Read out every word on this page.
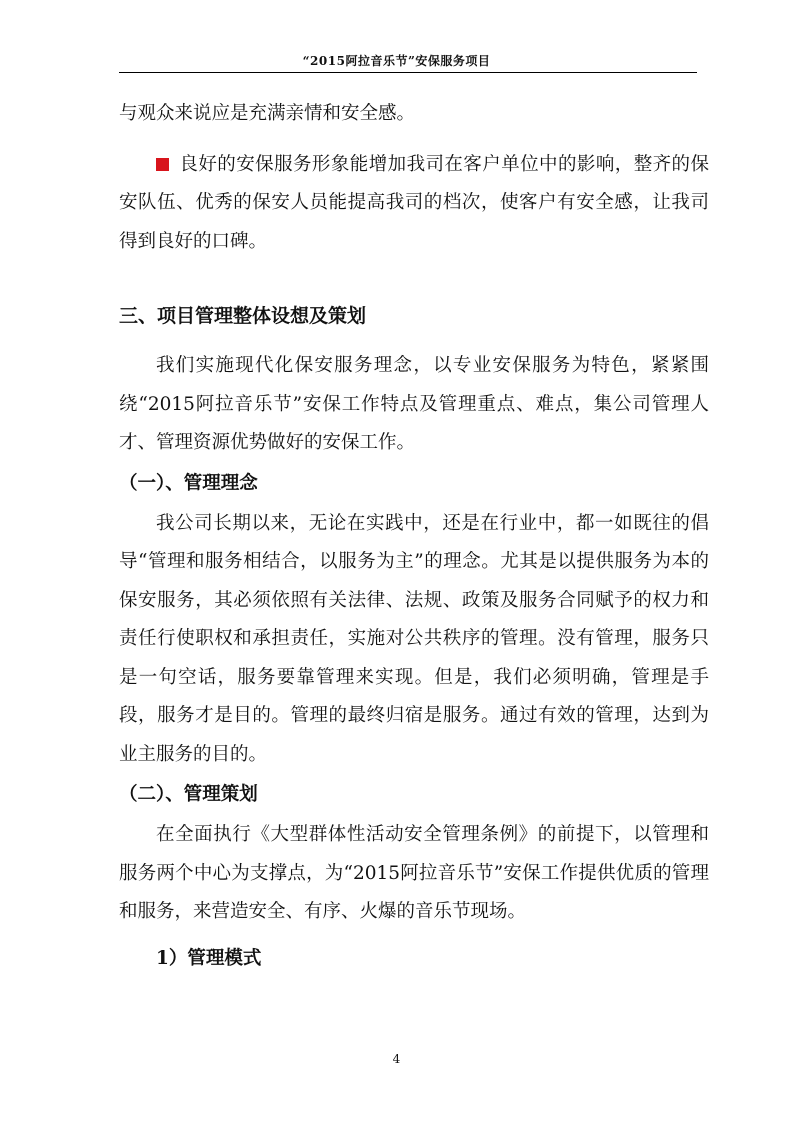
“2015阿拉音乐节”安保服务项目

与观众来说应是充满亲情和安全感。

良好的安保服务形象能增加我司在客户单位中的影响，整齐的保安队伍、优秀的保安人员能提高我司的档次，使客户有安全感，让我司得到良好的口碑。

三、项目管理整体设想及策划

我们实施现代化保安服务理念，以专业安保服务为特色，紧紧围绕“2015阿拉音乐节”安保工作特点及管理重点、难点，集公司管理人才、管理资源优势做好的安保工作。

（一）、管理理念

我公司长期以来，无论在实践中，还是在行业中，都一如既往的倡导“管理和服务相结合，以服务为主”的理念。尤其是以提供服务为本的保安服务，其必须依照有关法律、法规、政策及服务合同赋予的权力和责任行使职权和承担责任，实施对公共秩序的管理。没有管理，服务只是一句空话，服务要靠管理来实现。但是，我们必须明确，管理是手段，服务才是目的。管理的最终归宿是服务。通过有效的管理，达到为业主服务的目的。

（二）、管理策划

在全面执行《大型群体性活动安全管理条例》的前提下，以管理和服务两个中心为支撑点，为“2015阿拉音乐节”安保工作提供优质的管理和服务，来营造安全、有序、火爆的音乐节现场。

1）管理模式

4
